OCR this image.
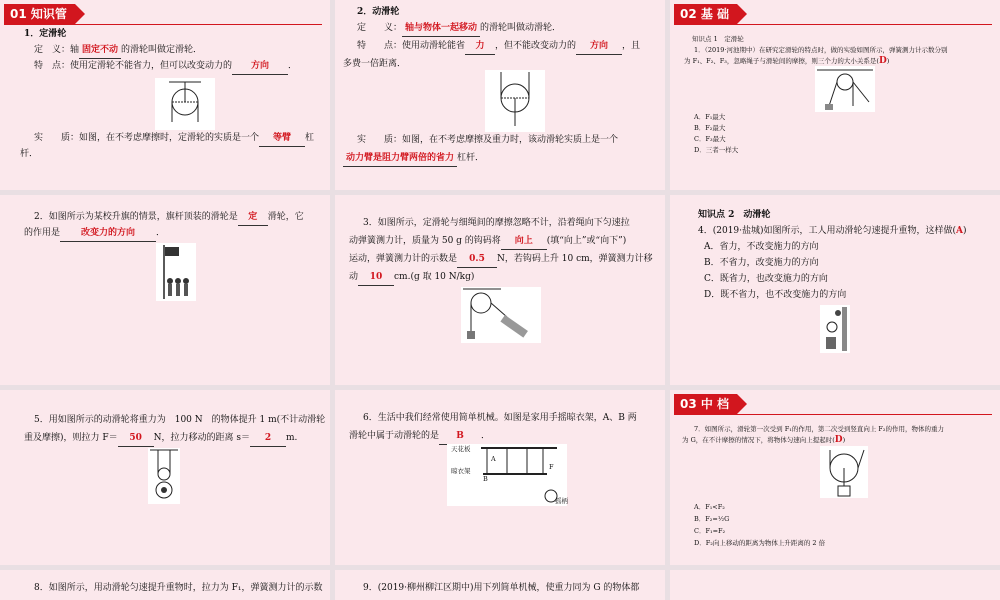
01 知识管
1．定滑轮
定　义：轴 固定不动 的滑轮叫做定滑轮．
特　点：使用定滑轮不能省力，但可以改变动力的 方向 ．
实　　质：如图，在不考虑摩擦时，定滑轮的实质是一个 等臂 杠
杆．
2．动滑轮
定　　义： 轴与物体一起移动 的滑轮叫做动滑轮．
特　　点：使用动滑轮能省 力 ，但不能改变动力的 方向 ，且
多费一倍距离．
实　　质：如图，在不考虑摩擦及重力时，该动滑轮实质上是一个
动力臂是阻力臂两倍的省力 杠杆．
02 基 础
知识点 1　定滑轮
1．（2019·河池期中）在研究定滑轮的特点时，做的实验如图所示，弹簧测力计示数分别
为 F₁、F₂、F₃，忽略绳子与滑轮间的摩擦，则三个力的大小关系是(D)
A．F₁最大
B．F₂最大
C．F₃最大
D．三者一样大
2．如图所示为某校升旗的情景，旗杆顶装的滑轮是 定 滑轮，它
的作用是 改变力的方向 ．
3．如图所示，定滑轮与细绳间的摩擦忽略不计，沿着绳向下匀速拉
动弹簧测力计，质量为 50 g 的钩码将 向上 (填“向上”或“向下”)
运动，弹簧测力计的示数是 0.5 N，若钩码上升 10 cm，弹簧测力计移
动 10 cm.(g 取 10 N/kg)
知识点 2　动滑轮
4．(2019·盐城)如图所示，工人用动滑轮匀速提升重物，这样做(A)
A．省力，不改变施力的方向
B．不省力，改变施力的方向
C．既省力，也改变施力的方向
D．既不省力，也不改变施力的方向
5．用如图所示的动滑轮将重力为　100 N　的物体提升 1 m(不计动滑轮
重及摩擦)，则拉力 F＝ 50 N，拉力移动的距离 s＝ 2 m.
6．生活中我们经常使用简单机械。如图是家用手摇晾衣架，A、B 两
滑轮中属于动滑轮的是 B ．
天花板
晾衣架
摇柄
A
B
F
03 中 档
7．如图所示，滑轮第一次受到 F₁的作用，第二次受到竖直向上 F₂的作用，物体的重力
为 G，在不计摩擦的情况下，将物体匀速向上提起时(D)
A．F₁<F₂
B．F₂=½G
C．F₁=F₂
D．F₂向上移动的距离为物体上升距离的 2 倍
8．如图所示，用动滑轮匀速提升重物时，拉力为 F₁，弹簧测力计的示数	9．(2019·柳州柳江区期中)用下列简单机械，使重力同为 G 的物体都
